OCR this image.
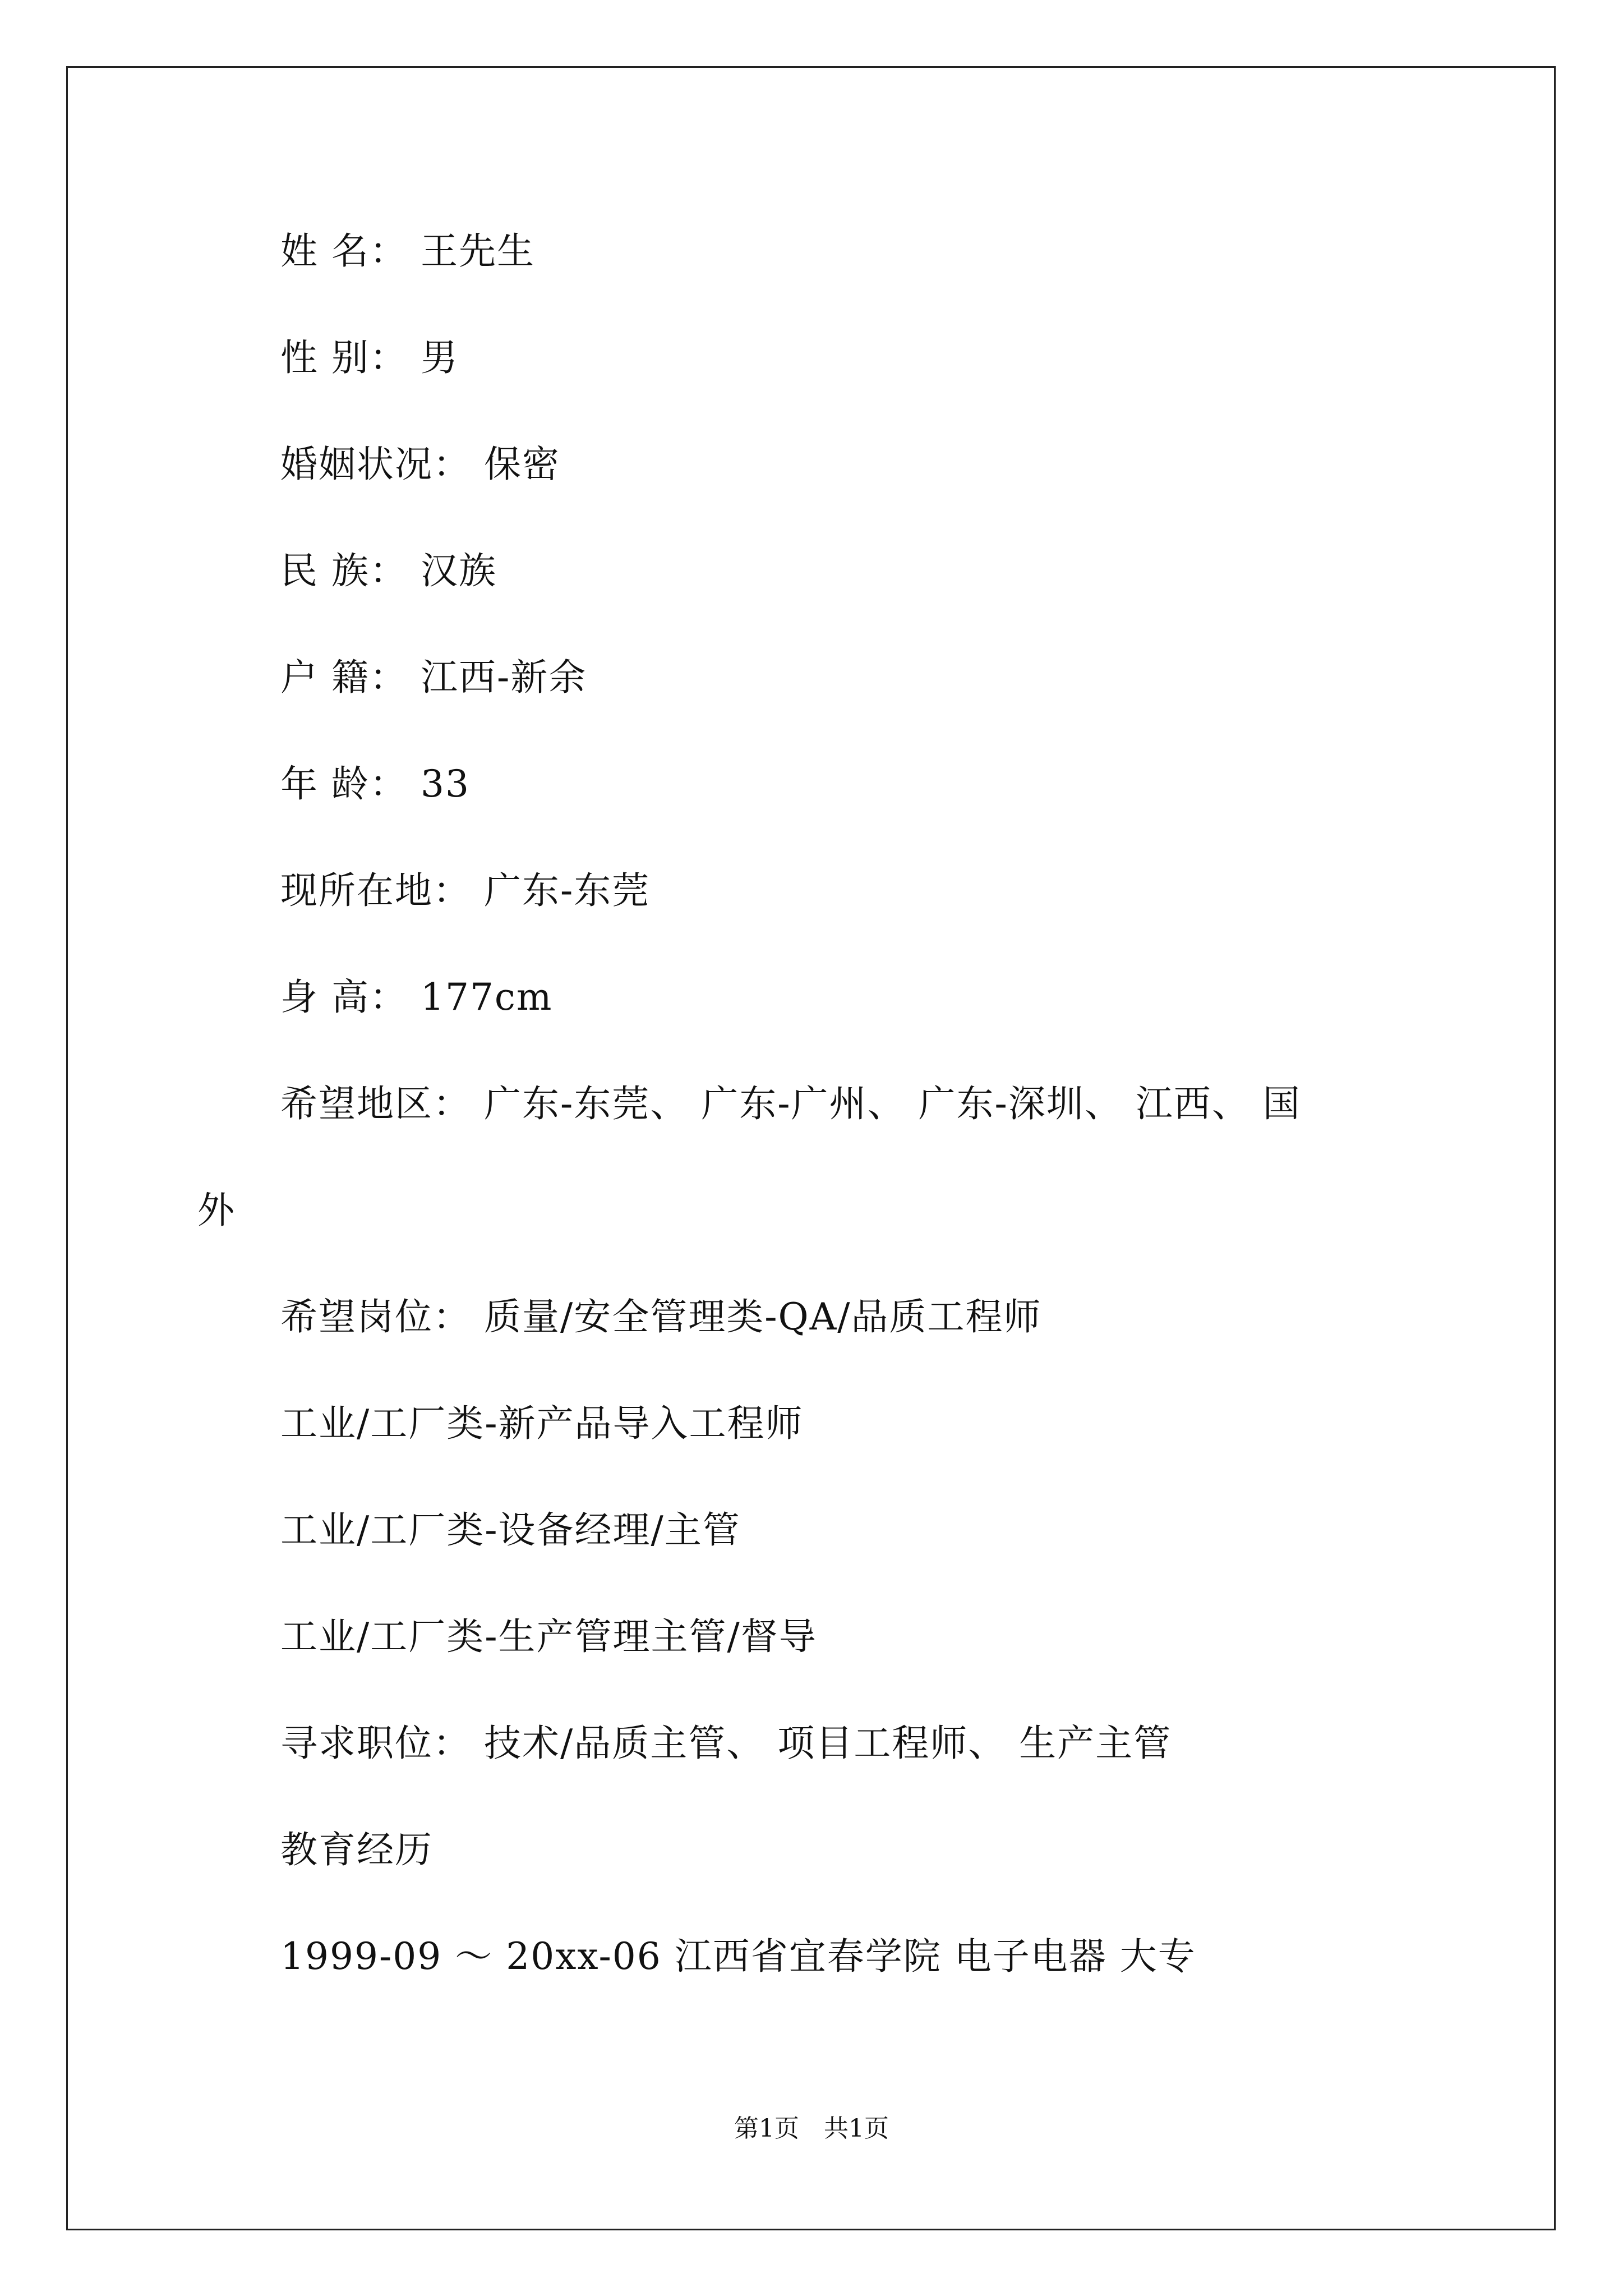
姓 名： 王先生
性 别： 男
婚姻状况： 保密
民 族： 汉族
户 籍： 江西-新余
年 龄： 33
现所在地： 广东-东莞
身 高： 177cm
希望地区： 广东-东莞、 广东-广州、 广东-深圳、 江西、 国
外
希望岗位： 质量/安全管理类-QA/品质工程师
工业/工厂类-新产品导入工程师
工业/工厂类-设备经理/主管
工业/工厂类-生产管理主管/督导
寻求职位： 技术/品质主管、 项目工程师、 生产主管
教育经历
1999-09 ～ 20xx-06 江西省宜春学院 电子电器 大专
第1页　共1页
